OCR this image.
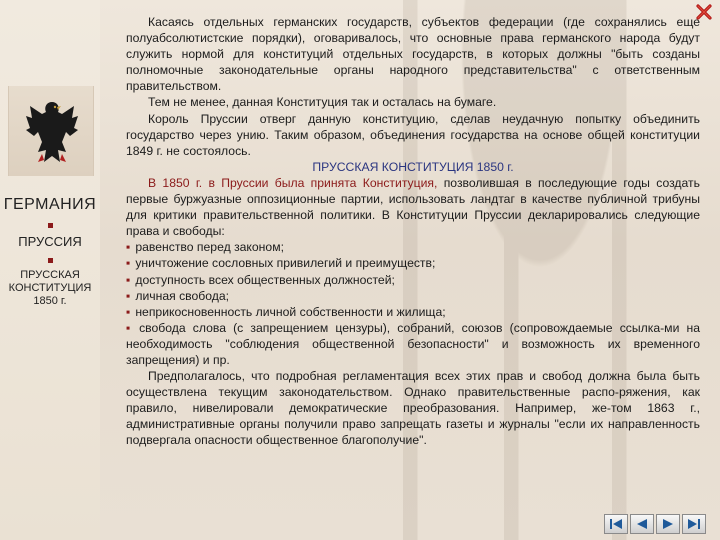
ГЕРМАНИЯ
ПРУССИЯ
ПРУССКАЯ
КОНСТИТУЦИЯ
1850 г.

Касаясь отдельных германских государств, субъектов федерации (где сохранялись еще полуабсолютистские порядки), оговаривалось, что основные права германского народа будут служить нормой для конституций отдельных государств, в которых должны "быть созданы полномочные законодательные органы народного представительства" с ответственным правительством.

Тем не менее, данная Конституция так и осталась на бумаге.

Король Пруссии отверг данную конституцию, сделав неудачную попытку объединить государство через унию. Таким образом, объединения государства на основе общей конституции 1849 г. не состоялось.

ПРУССКАЯ КОНСТИТУЦИЯ 1850 г.

В 1850 г. в Пруссии была принята Конституция, позволившая в последующие годы создать первые буржуазные оппозиционные партии, использовать ландтаг в качестве публичной трибуны для критики правительственной политики. В Конституции Пруссии декларировались следующие права и свободы:

▪ равенство перед законом;
▪ уничтожение сословных привилегий и преимуществ;
▪ доступность всех общественных должностей;
▪ личная свобода;
▪ неприкосновенность личной собственности и жилища;
▪ свобода слова (с запрещением цензуры), собраний, союзов (сопровождаемые ссылка-ми на необходимость "соблюдения общественной безопасности" и возможность их временного запрещения) и пр.

Предполагалось, что подробная регламентация всех этих прав и свобод должна была быть осуществлена текущим законодательством. Однако правительственные распо-ряжения, как правило, нивелировали демократические преобразования. Например, же-том 1863 г., административные органы получили право запрещать газеты и журналы "если их направленность подвергала опасности общественное благополучие".
